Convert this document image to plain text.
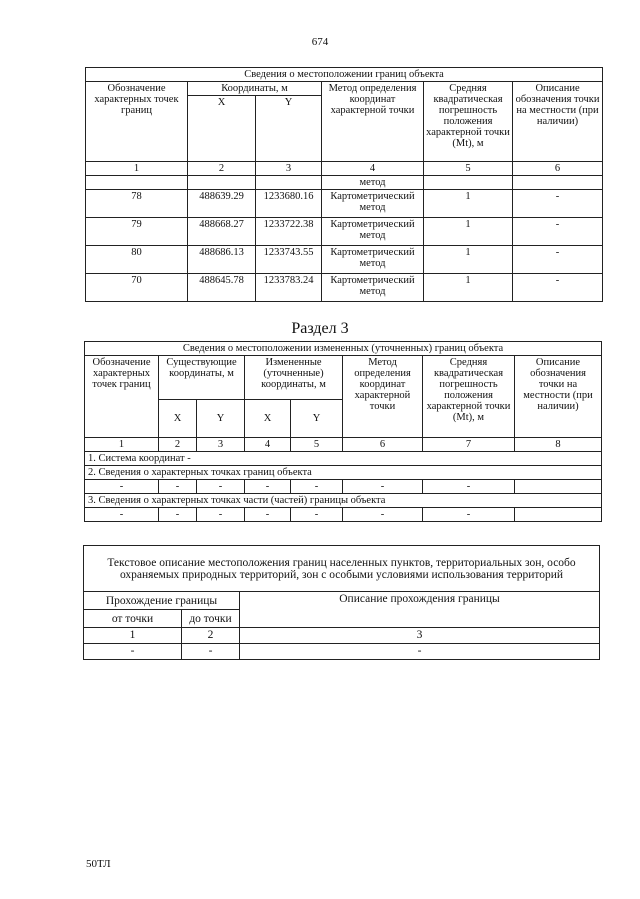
674
Сведения о местоположении границ объекта					
Обозначение характерных точек границ	Координаты, м		Метод определения координат характерной точки	Средняя квадратическая погрешность положения характерной точки (Mt), м	Описание обозначения точки на местности (при наличии)
	X	Y			
1	2	3	4	5	6
			метод		
78	488639.29	1233680.16	Картометрический метод	1	-
79	488668.27	1233722.38	Картометрический метод	1	-
80	488686.13	1233743.55	Картометрический метод	1	-
70	488645.78	1233783.24	Картометрический метод	1	-
Раздел 3
Сведения о местоположении измененных (уточненных) границ объекта							
Обозначение характерных точек границ	Существующие координаты, м		Измененные (уточненные) координаты, м		Метод определения координат характерной точки	Средняя квадратическая погрешность положения характерной точки (Mt), м	Описание обозначения точки на местности (при наличии)
	X	Y	X	Y			
1	2	3	4	5	6	7	8
1. Система координат -							
2. Сведения о характерных точках границ объекта							
-	-	-	-	-	-	-	
3. Сведения о характерных точках части (частей) границы объекта							
-	-	-	-	-	-	-	
Текстовое описание местоположения границ населенных пунктов, территориальных зон, особо охраняемых природных территорий, зон с особыми условиями использования территорий		
Прохождение границы		Описание прохождения границы
от точки	до точки	
1	2	3
-	-	-
50ТЛ
